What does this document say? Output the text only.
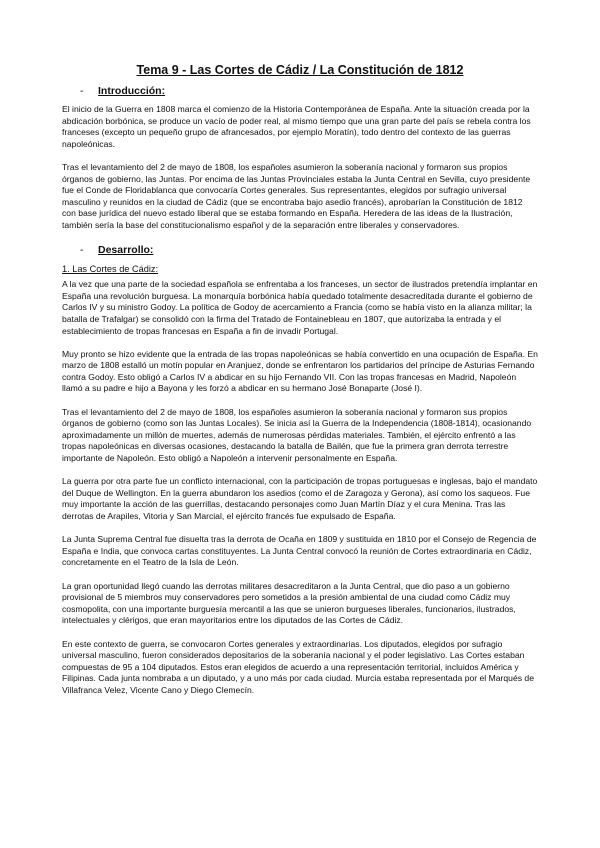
Tema 9 - Las Cortes de Cádiz / La Constitución de 1812
-	Introducción:

El inicio de la Guerra en 1808 marca el comienzo de la Historia Contemporánea de España. Ante la situación creada por la abdicación borbónica, se produce un vacío de poder real, al mismo tiempo que una gran parte del país se rebela contra los franceses (excepto un pequeño grupo de afrancesados, por ejemplo Moratín), todo dentro del contexto de las guerras napoleónicas.

Tras el levantamiento del 2 de mayo de 1808, los españoles asumieron la soberanía nacional y formaron sus propios órganos de gobierno, las Juntas. Por encima de las Juntas Provinciales estaba la Junta Central en Sevilla, cuyo presidente fue el Conde de Floridablanca que convocaría Cortes generales. Sus representantes, elegidos por sufragio universal masculino y reunidos en la ciudad de Cádiz (que se encontraba bajo asedio francés), aprobarían la Constitución de 1812 con base jurídica del nuevo estado liberal que se estaba formando en España. Heredera de las ideas de la Ilustración, también sería la base del constitucionalismo español y de la separación entre liberales y conservadores.

-	Desarrollo:
1. Las Cortes de Cádiz:

A la vez que una parte de la sociedad española se enfrentaba a los franceses, un sector de ilustrados pretendía implantar en España una revolución burguesa. La monarquía borbónica había quedado totalmente desacreditada durante el gobierno de Carlos IV y su ministro Godoy. La política de Godoy de acercamiento a Francia (como se había visto en la alianza militar; la batalla de Trafalgar) se consolidó con la firma del Tratado de Fontainebleau en 1807, que autorizaba la entrada y el establecimiento de tropas francesas en España a fin de invadir Portugal.

Muy pronto se hizo evidente que la entrada de las tropas napoleónicas se había convertido en una ocupación de España. En marzo de 1808 estalló un motín popular en Aranjuez, donde se enfrentaron los partidarios del príncipe de Asturias Fernando contra Godoy. Esto obligó a Carlos IV a abdicar en su hijo Fernando VII. Con las tropas francesas en Madrid, Napoleón llamó a su padre e hijo a Bayona y les forzó a abdicar en su hermano José Bonaparte (José I).

Tras el levantamiento del 2 de mayo de 1808, los españoles asumieron la soberanía nacional y formaron sus propios órganos de gobierno (como son las Juntas Locales). Se inicia así la Guerra de la Independencia (1808-1814), ocasionando aproximadamente un millón de muertes, además de numerosas pérdidas materiales. También, el ejército enfrentó a las tropas napoleónicas en diversas ocasiones, destacando la batalla de Bailén, que fue la primera gran derrota terrestre importante de Napoleón. Esto obligó a Napoleón a intervenir personalmente en España.

La guerra por otra parte fue un conflicto internacional, con la participación de tropas portuguesas e inglesas, bajo el mandato del Duque de Wellington. En la guerra abundaron los asedios (como el de Zaragoza y Gerona), así como los saqueos. Fue muy importante la acción de las guerrillas, destacando personajes como Juan Martín Díaz y el cura Menina. Tras las derrotas de Arapiles, Vitoria y San Marcial, el ejército francés fue expulsado de España.

La Junta Suprema Central fue disuelta tras la derrota de Ocaña en 1809 y sustituida en 1810 por el Consejo de Regencia de España e India, que convoca cartas constituyentes. La Junta Central convocó la reunión de Cortes extraordinaria en Cádiz, concretamente en el Teatro de la Isla de León.

La gran oportunidad llegó cuando las derrotas militares desacreditaron a la Junta Central, que dio paso a un gobierno provisional de 5 miembros muy conservadores pero sometidos a la presión ambiental de una ciudad como Cádiz muy cosmopolita, con una importante burguesía mercantil a las que se unieron burgueses liberales, funcionarios, ilustrados, intelectuales y clérigos, que eran mayoritarios entre los diputados de las Cortes de Cádiz.

En este contexto de guerra, se convocaron Cortes generales y extraordinarias. Los diputados, elegidos por sufragio universal masculino, fueron considerados depositarios de la soberanía nacional y el poder legislativo. Las Cortes estaban compuestas de 95 a 104 diputados. Estos eran elegidos de acuerdo a una representación territorial, incluidos América y Filipinas. Cada junta nombraba a un diputado, y a uno más por cada ciudad. Murcia estaba representada por el Marqués de Villafranca Velez, Vicente Cano y Diego Clemecín.
